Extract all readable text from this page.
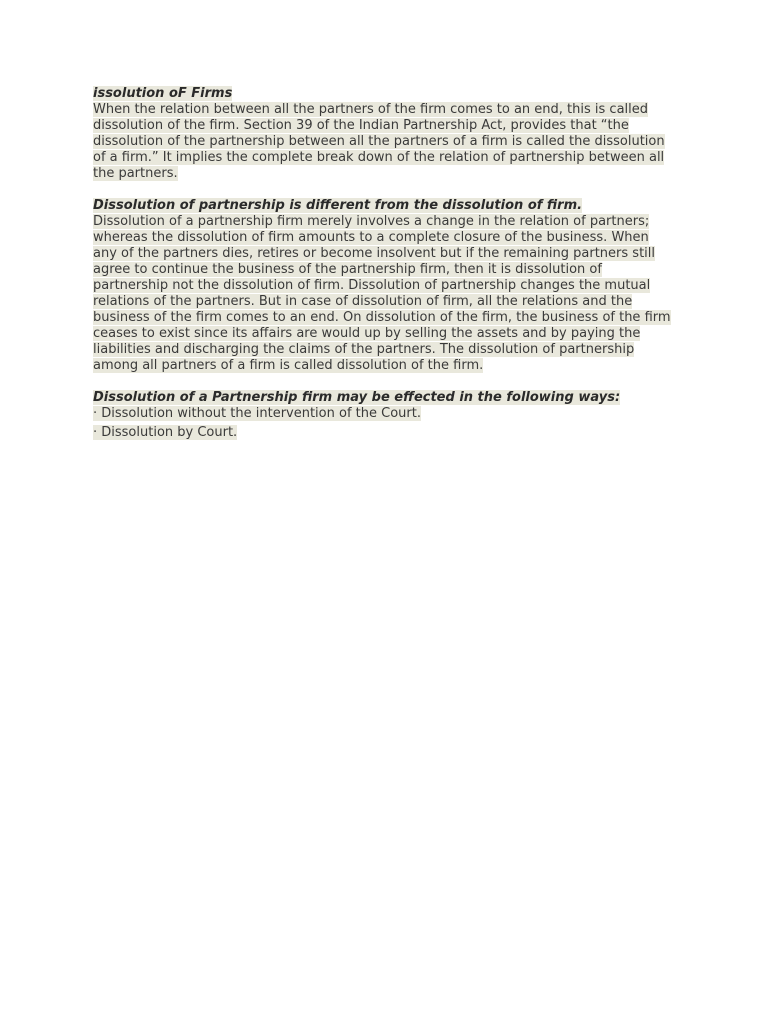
issolution oF Firms
When the relation between all the partners of the firm comes to an end, this is called dissolution of the firm. Section 39 of the Indian Partnership Act, provides that “the dissolution of the partnership between all the partners of a firm is called the dissolution of a firm.” It implies the complete break down of the relation of partnership between all the partners.

Dissolution of partnership is different from the dissolution of firm.
Dissolution of a partnership firm merely involves a change in the relation of partners; whereas the dissolution of firm amounts to a complete closure of the business. When any of the partners dies, retires or become insolvent but if the remaining partners still agree to continue the business of the partnership firm, then it is dissolution of partnership not the dissolution of firm. Dissolution of partnership changes the mutual relations of the partners. But in case of dissolution of firm, all the relations and the business of the firm comes to an end. On dissolution of the firm, the business of the firm ceases to exist since its affairs are would up by selling the assets and by paying the liabilities and discharging the claims of the partners. The dissolution of partnership among all partners of a firm is called dissolution of the firm.

Dissolution of a Partnership firm may be effected in the following ways:

· Dissolution without the intervention of the Court.

· Dissolution by Court.
